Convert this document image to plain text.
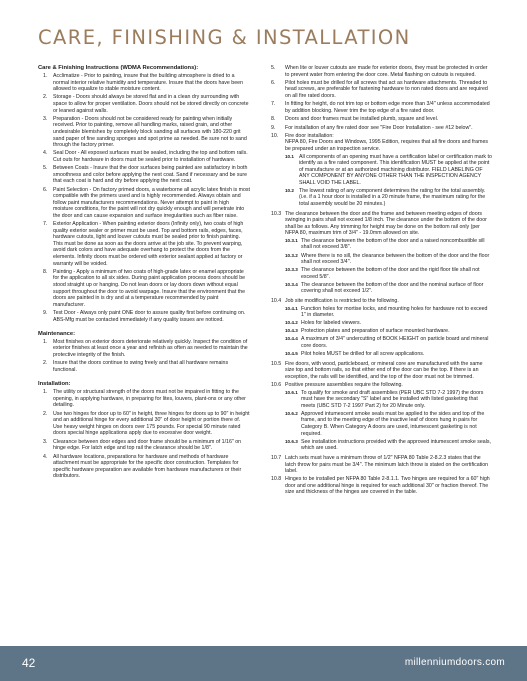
CARE, FINISHING & INSTALLATION
Care & Finishing Instructions (WDMA Recommendations):
1.	Acclimatize - Prior to painting, insure that the building atmosphere is dried to a normal interior relative humidity and temperature. Insure that the doors have been allowed to equalize to stable moisture content.
2.	Storage - Doors should always be stored flat and in a clean dry surrounding with space to allow for proper ventilation. Doors should not be stored directly on concrete or leaned against walls.
3.	Preparation - Doors should not be considered ready for painting when initially received. Prior to painting, remove all handling marks, raised grain, and other undesirable blemishes by completely block sanding all surfaces with 180-220 grit sand paper of fine sanding sponges and spot prime as needed. Be sure not to sand through the factory primer.
4.	Seal Door - All exposed surfaces must be sealed, including the top and bottom rails. Cut outs for hardware in doors must be sealed prior to installation of hardware.
5.	Between Coats - Insure that the door surfaces being painted are satisfactory in both smoothness and color before applying the next coat. Sand if necessary and be sure that each coat is hard and dry before applying the next coat.
6.	Paint Selection - On factory primed doors, a waterborne all acrylic latex finish is most compatible with the primers used and is highly recommended. Always obtain and follow paint manufacturers recommendations. Never attempt to paint in high moisture conditions, for the paint will not dry quickly enough and will penetrate into the door and can cause expansion and surface irregularities such as fiber raise.
7.	Exterior Application - When painting exterior doors (Infinity only), two coats of high quality exterior sealer or primer must be used. Top and bottom rails, edges, faces, hardware cutouts, light and louver cutouts must be sealed prior to finish painting. This must be done as soon as the doors arrive at the job site. To prevent warping, avoid dark colors and have adequate overhang to protect the doors from the elements. Infinity doors must be ordered with exterior sealant applied at factory or warranty will be voided.
8.	Painting - Apply a minimum of two coats of high-grade latex or enamel appropriate for the application to all six sides. During paint application process doors should be stood straight up or hanging. Do not lean doors or lay doors down without equal support throughout the door to avoid warpage. Insure that the environment that the doors are painted in is dry and at a temperature recommended by paint manufacturer.
9.	Test Door - Always only paint ONE door to assure quality first before continuing on. ABS-Mfg must be contacted immediately if any quality issues are noticed.
Maintenance:
1.	Most finishes on exterior doors deteriorate relatively quickly. Inspect the condition of exterior finishes at least once a year and refinish as often as needed to maintain the protective integrity of the finish.
2.	Insure that the doors continue to swing freely and that all hardware remains functional.
Installation:
1.	The utility or structural strength of the doors must not be impaired in fitting to the opening, in applying hardware, in preparing for lites, louvers, plant-ons or any other detailing.
2.	Use two hinges for door up to 60" in height, three hinges for doors up to 90" in height and an additional hinge for every additional 30" of door height or portion there of. Use heavy weight hinges on doors over 175 pounds. For special 90 minute rated doors special hinge applications apply due to excessive door weight.
3.	Clearance between door edges and door frame should be a minimum of 1/16" on hinge edge. For latch edge and top rail the clearance should be 1/8".
4.	All hardware locations, preparations for hardware and methods of hardware attachment must be appropriate for the specific door construction. Templates for specific hardware preparation are available from hardware manufacturers or their distributors.
5.	When lite or louver cutouts are made for exterior doors, they must be protected in order to prevent water from entering the door core. Metal flashing on cutouts is required.
6.	Pilot holes must be drilled for all screws that act as hardware attachments. Threaded to head screws, are preferable for fastening hardware to non rated doors and are required on all fire rated doors.
7.	In fitting for height, do not trim top or bottom edge more than 3/4" unless accommodated by addition blocking. Never trim the top edge of a fire rated door.
8.	Doors and door frames must be installed plumb, square and level.
9.	For installation of any fire rated door see "Fire Door Installation - see #12 below".
10.	Fire door installation:
NFPA 80, Fire Doors and Windows, 1995 Edition, requires that all fire doors and frames be prepared under an inspection service.
10.1 All components of an opening must have a certification label or certification mark to identify as a fire rated component. This identification MUST be applied at the point of manufacture or at an authorized machining distributor. FIELD LABELING OF ANY COMPONENT BY ANYONE OTHER THAN THE INSPECTION AGENCY SHALL VOID THE LABEL.
10.2 The lowest rating of any component determines the rating for the total assembly. (i.e. if a 1 hour door is installed in a 20 minute frame, the maximum rating for the total assembly would be 20 minutes.)
10.3 The clearance between the door and the frame and between meeting edges of doors swinging in pairs shall not exceed 1/8 inch. The clearance under the bottom of the door shall be as follows. Any trimming for height may be done on the bottom rail only (per NFPA 80, maximum trim of 3/4" - 19.0mm allowed on site.
10.3.1 The clearance between the bottom of the door and a raised noncombustible sill shall not exceed 3/8".
10.3.2 Where there is no sill, the clearance between the bottom of the door and the floor shall not exceed 3/4".
10.3.3 The clearance between the bottom of the door and the rigid floor tile shall not exceed 5/8".
10.3.4 The clearance between the bottom of the door and the nominal surface of floor covering shall not exceed 1/2".
10.4 Job site modification is restricted to the following.
10.4.1 Function holes for mortise locks, and mounting holes for hardware not to exceed 1" in diameter.
10.4.2 Holes for labeled viewers.
10.4.3 Protection plates and preparation of surface mounted hardware.
10.4.4 A maximum of 3/4" undercutting of BOOK HEIGHT on particle board and mineral core doors.
10.4.5 Pilot holes MUST be drilled for all screw applications.
10.5 Fire doors, with wood, particleboard, or mineral core are manufactured with the same size top and bottom rails, so that either end of the door can be the top. If there is an exception, the rails will be identified, and the top of the door must not be trimmed.
10.6 Positive pressure assemblies require the following.
10.6.1 To qualify for smoke and draft assemblies (PER UBC STD 7-2 1997) the doors must have the secondary "S" label and be installed with listed gasketing that meets (UBC STD 7-2 1997 Part 2) for 20 Minute only.
10.6.2 Approved intumescent smoke seals must be applied to the sides and top of the frame, and to the meeting edge of the inactive leaf of doors hung in pairs for Category B. When Category A doors are used, intumescent gasketing is not required.
10.6.3 See installation instructions provided with the approved intumescent smoke seals, which are used.
10.7 Latch sets must have a minimum throw of 1/2" NFPA 80 Table 2-8.2.3 states that the latch throw for pairs must be 3/4". The minimum latch throw is stated on the certification label.
10.8 Hinges to be installed per NFPA 80 Table 2-8.1.1. Two hinges are required for a 60" high door and one additional hinge is required for each additional 30" or fraction thereof. The size and thickness of the hinges are covered in the table.
42	millenniumdoors.com
